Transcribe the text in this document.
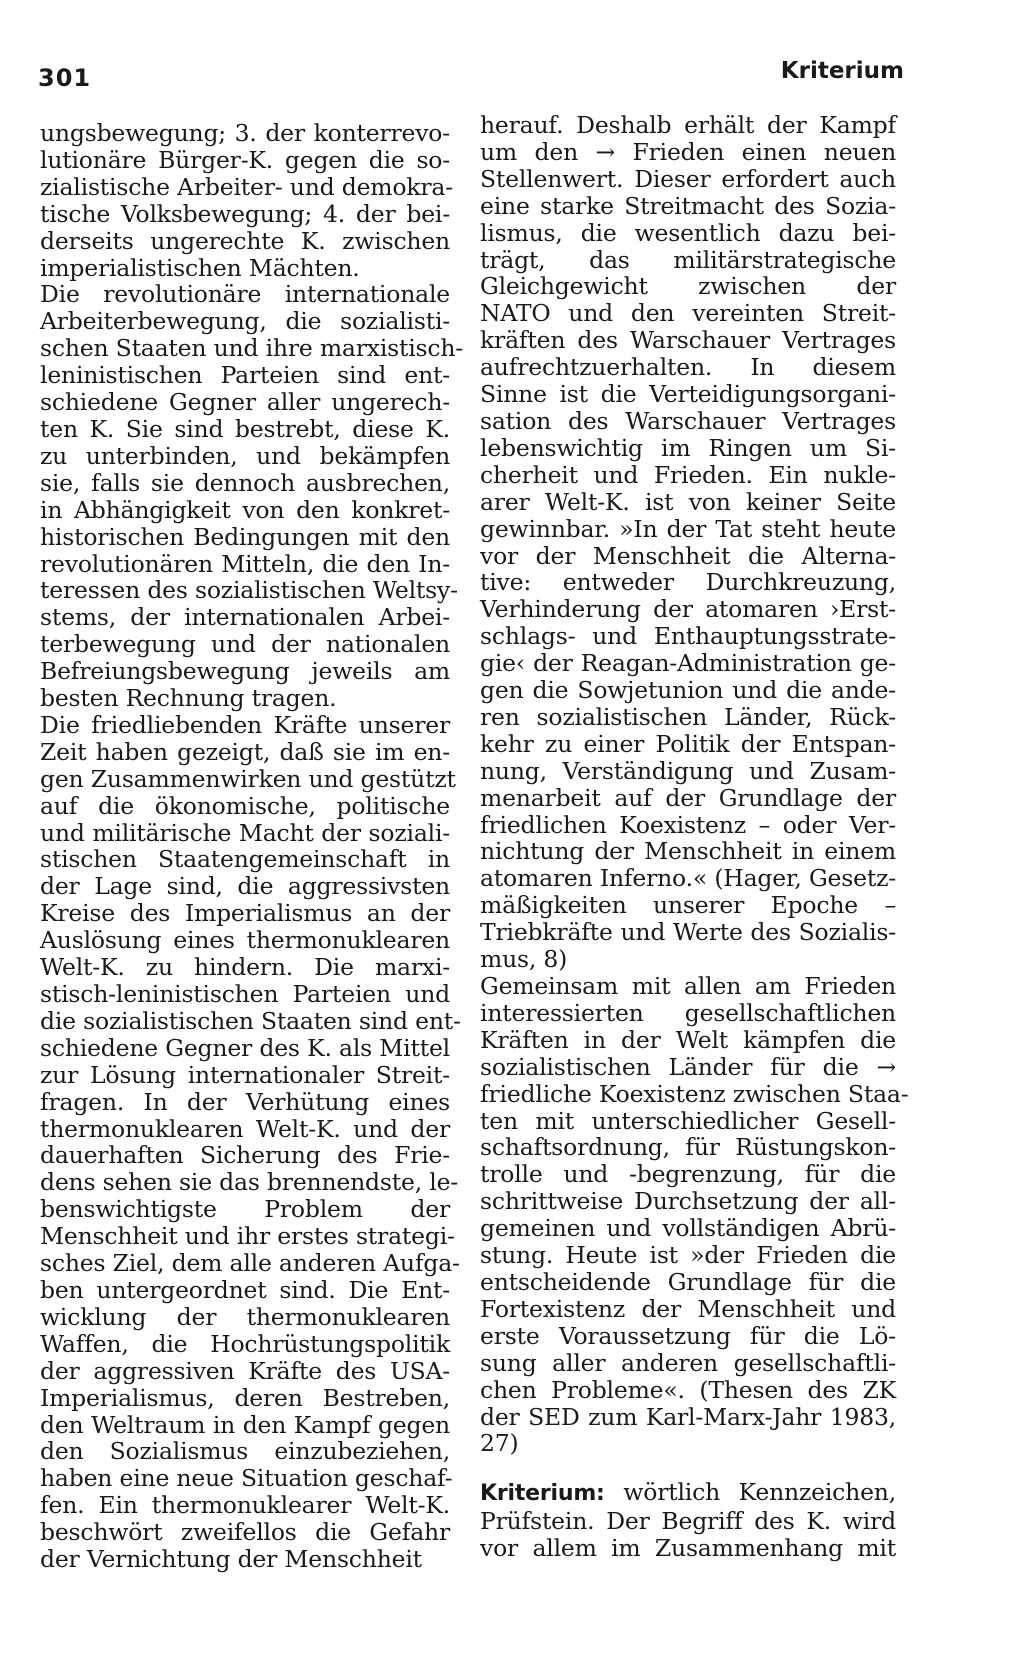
301	Kriterium
ungsbewegung; 3. der konterrevo-
lutionäre Bürger-K. gegen die so-
zialistische Arbeiter- und demokra-
tische Volksbewegung; 4. der bei-
derseits ungerechte K. zwischen
imperialistischen Mächten.
Die revolutionäre internationale
Arbeiterbewegung, die sozialisti-
schen Staaten und ihre marxistisch-
leninistischen Parteien sind ent-
schiedene Gegner aller ungerech-
ten K. Sie sind bestrebt, diese K.
zu unterbinden, und bekämpfen
sie, falls sie dennoch ausbrechen,
in Abhängigkeit von den konkret-
historischen Bedingungen mit den
revolutionären Mitteln, die den In-
teressen des sozialistischen Weltsy-
stems, der internationalen Arbei-
terbewegung und der nationalen
Befreiungsbewegung jeweils am
besten Rechnung tragen.
Die friedliebenden Kräfte unserer
Zeit haben gezeigt, daß sie im en-
gen Zusammenwirken und gestützt
auf die ökonomische, politische
und militärische Macht der soziali-
stischen Staatengemeinschaft in
der Lage sind, die aggressivsten
Kreise des Imperialismus an der
Auslösung eines thermonuklearen
Welt-K. zu hindern. Die marxi-
stisch-leninistischen Parteien und
die sozialistischen Staaten sind ent-
schiedene Gegner des K. als Mittel
zur Lösung internationaler Streit-
fragen. In der Verhütung eines
thermonuklearen Welt-K. und der
dauerhaften Sicherung des Frie-
dens sehen sie das brennendste, le-
benswichtigste Problem der
Menschheit und ihr erstes strategi-
sches Ziel, dem alle anderen Aufga-
ben untergeordnet sind. Die Ent-
wicklung der thermonuklearen
Waffen, die Hochrüstungspolitik
der aggressiven Kräfte des USA-
Imperialismus, deren Bestreben,
den Weltraum in den Kampf gegen
den Sozialismus einzubeziehen,
haben eine neue Situation geschaf-
fen. Ein thermonuklearer Welt-K.
beschwört zweifellos die Gefahr
der Vernichtung der Menschheit
herauf. Deshalb erhält der Kampf
um den → Frieden einen neuen
Stellenwert. Dieser erfordert auch
eine starke Streitmacht des Sozia-
lismus, die wesentlich dazu bei-
trägt, das militärstrategische
Gleichgewicht zwischen der
NATO und den vereinten Streit-
kräften des Warschauer Vertrages
aufrechtzuerhalten. In diesem
Sinne ist die Verteidigungsorgani-
sation des Warschauer Vertrages
lebenswichtig im Ringen um Si-
cherheit und Frieden. Ein nukle-
arer Welt-K. ist von keiner Seite
gewinnbar. »In der Tat steht heute
vor der Menschheit die Alterna-
tive: entweder Durchkreuzung,
Verhinderung der atomaren ›Erst-
schlags- und Enthauptungsstrate-
gie‹ der Reagan-Administration ge-
gen die Sowjetunion und die ande-
ren sozialistischen Länder, Rück-
kehr zu einer Politik der Entspan-
nung, Verständigung und Zusam-
menarbeit auf der Grundlage der
friedlichen Koexistenz – oder Ver-
nichtung der Menschheit in einem
atomaren Inferno.« (Hager, Gesetz-
mäßigkeiten unserer Epoche –
Triebkräfte und Werte des Sozialis-
mus, 8)
Gemeinsam mit allen am Frieden
interessierten gesellschaftlichen
Kräften in der Welt kämpfen die
sozialistischen Länder für die →
friedliche Koexistenz zwischen Staa-
ten mit unterschiedlicher Gesell-
schaftsordnung, für Rüstungskon-
trolle und -begrenzung, für die
schrittweise Durchsetzung der all-
gemeinen und vollständigen Abrü-
stung. Heute ist »der Frieden die
entscheidende Grundlage für die
Fortexistenz der Menschheit und
erste Voraussetzung für die Lö-
sung aller anderen gesellschaftli-
chen Probleme«. (Thesen des ZK
der SED zum Karl-Marx-Jahr 1983,
27)
Kriterium: wörtlich Kennzeichen,
Prüfstein. Der Begriff des K. wird
vor allem im Zusammenhang mit
